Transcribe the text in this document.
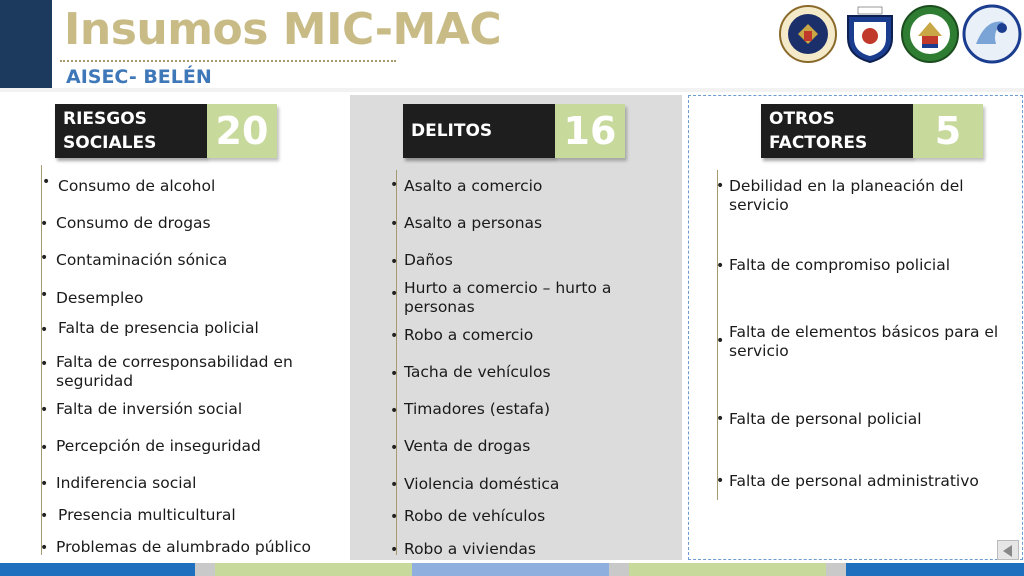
Insumos MIC-MAC
AISEC- BELÉN
RIESGOS SOCIALES	20	DELITOS	16	OTROS FACTORES	5
• Consumo de alcohol
• Consumo de drogas
• Contaminación sónica
• Desempleo
• Falta de presencia policial
• Falta de corresponsabilidad en seguridad
• Falta de inversión social
• Percepción de inseguridad
• Indiferencia social
• Presencia multicultural
• Problemas de alumbrado público
• Asalto a comercio
• Asalto a personas
• Daños
• Hurto a comercio – hurto a personas
• Robo a comercio
• Tacha de vehículos
• Timadores (estafa)
• Venta de drogas
• Violencia doméstica
• Robo de vehículos
• Robo a viviendas
• Debilidad en la planeación del servicio
• Falta de compromiso policial
• Falta de elementos básicos para el servicio
• Falta de personal policial
• Falta de personal administrativo
